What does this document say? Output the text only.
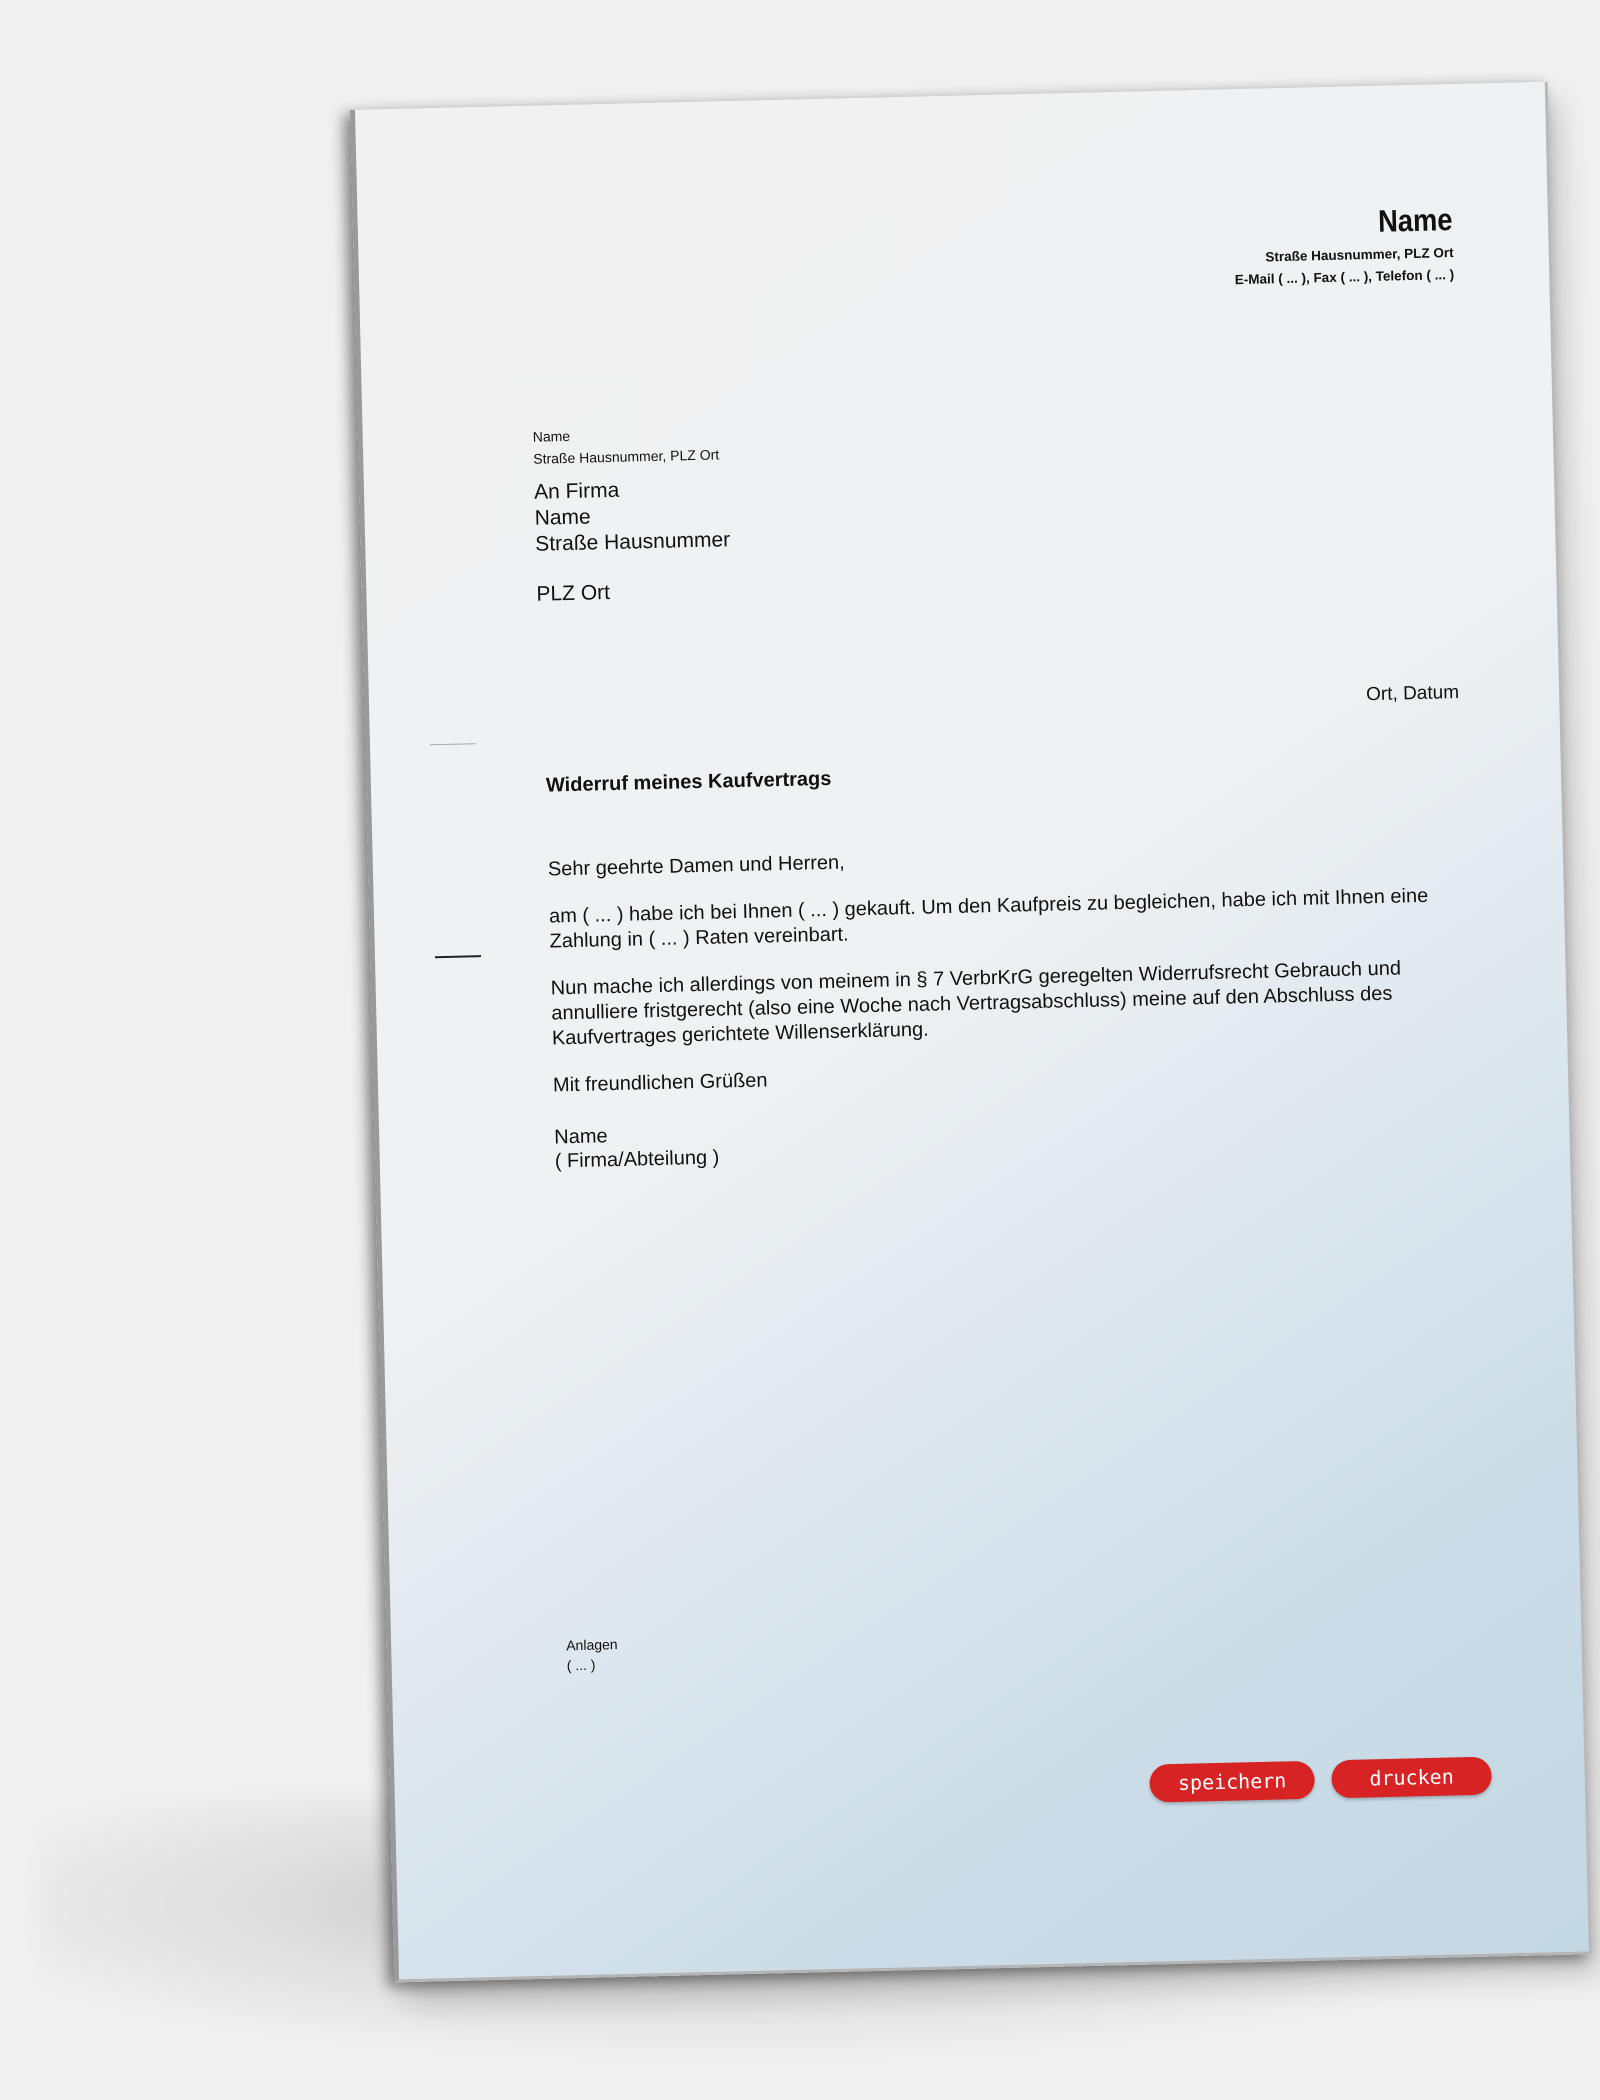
Name
Straße Hausnummer, PLZ Ort
E-Mail ( ... ), Fax ( ... ), Telefon ( ... )
Name
Straße Hausnummer, PLZ Ort
An Firma
Name
Straße Hausnummer
PLZ Ort
Ort, Datum
Widerruf meines Kaufvertrags

Sehr geehrte Damen und Herren,

am ( ... ) habe ich bei Ihnen ( ... ) gekauft. Um den Kaufpreis zu begleichen, habe ich mit Ihnen eine Zahlung in ( ... ) Raten vereinbart.

Nun mache ich allerdings von meinem in § 7 VerbrKrG geregelten Widerrufsrecht Gebrauch und annulliere fristgerecht (also eine Woche nach Vertragsabschluss) meine auf den Abschluss des Kaufvertrages gerichtete Willenserklärung.

Mit freundlichen Grüßen

Name
( Firma/Abteilung )
Anlagen
( ... )
speichern	drucken
